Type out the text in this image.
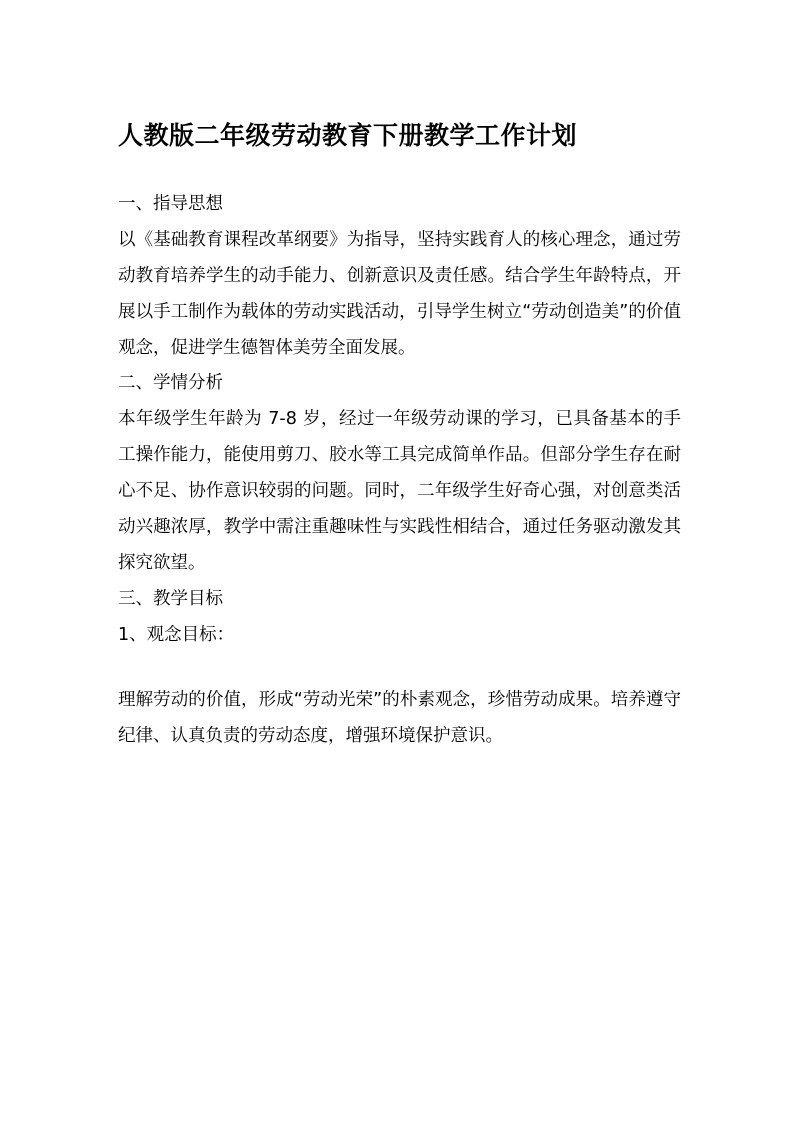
人教版二年级劳动教育下册教学工作计划

一、指导思想

以《基础教育课程改革纲要》为指导，坚持实践育人的核心理念，通过劳动教育培养学生的动手能力、创新意识及责任感。结合学生年龄特点，开展以手工制作为载体的劳动实践活动，引导学生树立“劳动创造美”的价值观念，促进学生德智体美劳全面发展。

二、学情分析

本年级学生年龄为 7-8 岁，经过一年级劳动课的学习，已具备基本的手工操作能力，能使用剪刀、胶水等工具完成简单作品。但部分学生存在耐心不足、协作意识较弱的问题。同时，二年级学生好奇心强，对创意类活动兴趣浓厚，教学中需注重趣味性与实践性相结合，通过任务驱动激发其探究欲望。

三、教学目标

1、观念目标：

理解劳动的价值，形成“劳动光荣”的朴素观念，珍惜劳动成果。培养遵守纪律、认真负责的劳动态度，增强环境保护意识。
